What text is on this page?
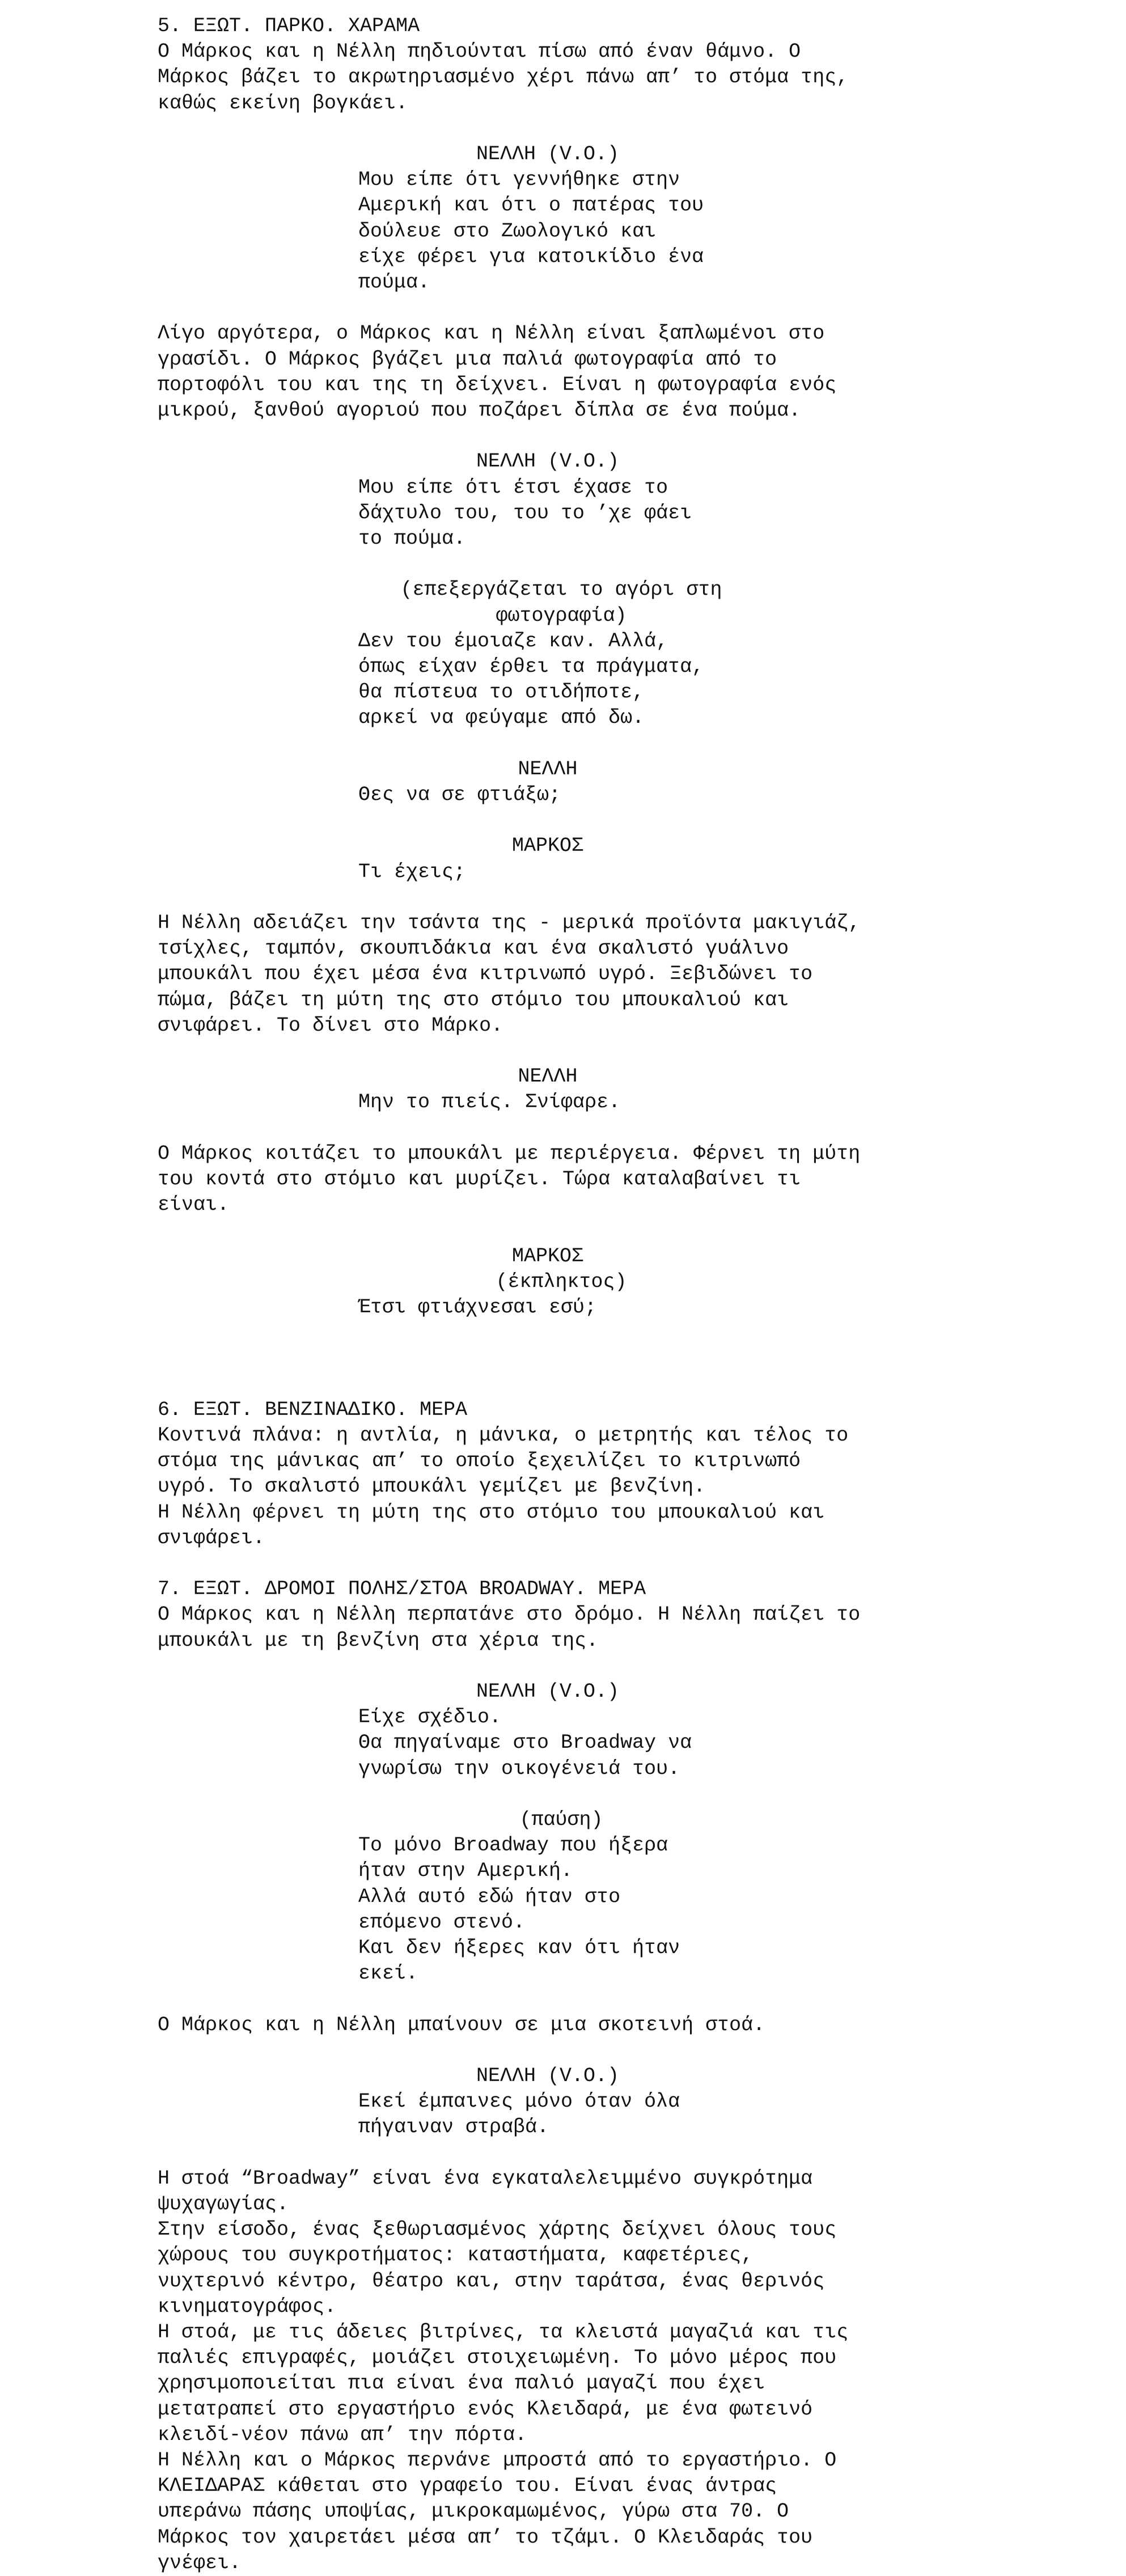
5. ΕΞΩΤ. ΠΑΡΚΟ. ΧΑΡΑΜΑ
Ο Μάρκος και η Νέλλη πηδιούνται πίσω από έναν θάμνο. Ο
Μάρκος βάζει το ακρωτηριασμένο χέρι πάνω απ’ το στόμα της,
καθώς εκείνη βογκάει.
ΝΕΛΛΗ (V.O.)
Μου είπε ότι γεννήθηκε στην
Αμερική και ότι ο πατέρας του
δούλευε στο Ζωολογικό και
είχε φέρει για κατοικίδιο ένα
πούμα.
Λίγο αργότερα, ο Μάρκος και η Νέλλη είναι ξαπλωμένοι στο
γρασίδι. Ο Μάρκος βγάζει μια παλιά φωτογραφία από το
πορτοφόλι του και της τη δείχνει. Είναι η φωτογραφία ενός
μικρού, ξανθού αγοριού που ποζάρει δίπλα σε ένα πούμα.
ΝΕΛΛΗ (V.O.)
Μου είπε ότι έτσι έχασε το
δάχτυλο του, του το ’χε φάει
το πούμα.
(επεξεργάζεται το αγόρι στη
φωτογραφία)
Δεν του έμοιαζε καν. Αλλά,
όπως είχαν έρθει τα πράγματα,
θα πίστευα το οτιδήποτε,
αρκεί να φεύγαμε από δω.
ΝΕΛΛΗ
Θες να σε φτιάξω;
ΜΑΡΚΟΣ
Τι έχεις;
Η Νέλλη αδειάζει την τσάντα της - μερικά προϊόντα μακιγιάζ,
τσίχλες, ταμπόν, σκουπιδάκια και ένα σκαλιστό γυάλινο
μπουκάλι που έχει μέσα ένα κιτρινωπό υγρό. Ξεβιδώνει το
πώμα, βάζει τη μύτη της στο στόμιο του μπουκαλιού και
σνιφάρει. Το δίνει στο Μάρκο.
ΝΕΛΛΗ
Μην το πιείς. Σνίφαρε.
Ο Μάρκος κοιτάζει το μπουκάλι με περιέργεια. Φέρνει τη μύτη
του κοντά στο στόμιο και μυρίζει. Τώρα καταλαβαίνει τι
είναι.
ΜΑΡΚΟΣ
(έκπληκτος)
Έτσι φτιάχνεσαι εσύ;
6. ΕΞΩΤ. ΒΕΝΖΙΝΑΔΙΚΟ. ΜΕΡΑ
Κοντινά πλάνα: η αντλία, η μάνικα, ο μετρητής και τέλος το
στόμα της μάνικας απ’ το οποίο ξεχειλίζει το κιτρινωπό
υγρό. Το σκαλιστό μπουκάλι γεμίζει με βενζίνη.
Η Νέλλη φέρνει τη μύτη της στο στόμιο του μπουκαλιού και
σνιφάρει.
7. ΕΞΩΤ. ΔΡΟΜΟΙ ΠΟΛΗΣ/ΣΤΟΑ BROADWAY. ΜΕΡΑ
Ο Μάρκος και η Νέλλη περπατάνε στο δρόμο. Η Νέλλη παίζει το
μπουκάλι με τη βενζίνη στα χέρια της.
ΝΕΛΛΗ (V.O.)
Είχε σχέδιο.
Θα πηγαίναμε στο Broadway να
γνωρίσω την οικογένειά του.
(παύση)
Το μόνο Broadway που ήξερα
ήταν στην Αμερική.
Αλλά αυτό εδώ ήταν στο
επόμενο στενό.
Και δεν ήξερες καν ότι ήταν
εκεί.
Ο Μάρκος και η Νέλλη μπαίνουν σε μια σκοτεινή στοά.
ΝΕΛΛΗ (V.O.)
Εκεί έμπαινες μόνο όταν όλα
πήγαιναν στραβά.
Η στοά “Broadway” είναι ένα εγκαταλελειμμένο συγκρότημα
ψυχαγωγίας.
Στην είσοδο, ένας ξεθωριασμένος χάρτης δείχνει όλους τους
χώρους του συγκροτήματος: καταστήματα, καφετέριες,
νυχτερινό κέντρο, θέατρο και, στην ταράτσα, ένας θερινός
κινηματογράφος.
Η στοά, με τις άδειες βιτρίνες, τα κλειστά μαγαζιά και τις
παλιές επιγραφές, μοιάζει στοιχειωμένη. Το μόνο μέρος που
χρησιμοποιείται πια είναι ένα παλιό μαγαζί που έχει
μετατραπεί στο εργαστήριο ενός Κλειδαρά, με ένα φωτεινό
κλειδί-νέον πάνω απ’ την πόρτα.
Η Νέλλη και ο Μάρκος περνάνε μπροστά από το εργαστήριο. Ο
ΚΛΕΙΔΑΡΑΣ κάθεται στο γραφείο του. Είναι ένας άντρας
υπεράνω πάσης υποψίας, μικροκαμωμένος, γύρω στα 70. Ο
Μάρκος τον χαιρετάει μέσα απ’ το τζάμι. Ο Κλειδαράς του
γνέφει.
